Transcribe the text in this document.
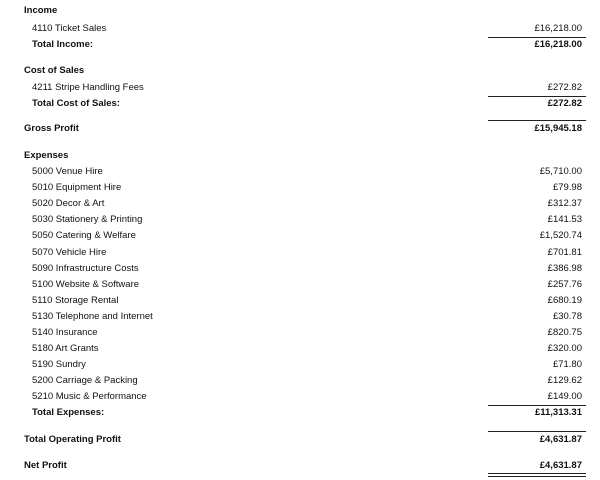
Income
4110 Ticket Sales	£16,218.00
Total Income:	£16,218.00
Cost of Sales
4211 Stripe Handling Fees	£272.82
Total Cost of Sales:	£272.82
Gross Profit	£15,945.18
Expenses
5000 Venue Hire	£5,710.00
5010 Equipment Hire	£79.98
5020 Decor & Art	£312.37
5030 Stationery & Printing	£141.53
5050 Catering & Welfare	£1,520.74
5070 Vehicle Hire	£701.81
5090 Infrastructure Costs	£386.98
5100 Website & Software	£257.76
5110 Storage Rental	£680.19
5130 Telephone and Internet	£30.78
5140 Insurance	£820.75
5180 Art Grants	£320.00
5190 Sundry	£71.80
5200 Carriage & Packing	£129.62
5210 Music & Performance	£149.00
Total Expenses:	£11,313.31
Total Operating Profit	£4,631.87
Net Profit	£4,631.87
